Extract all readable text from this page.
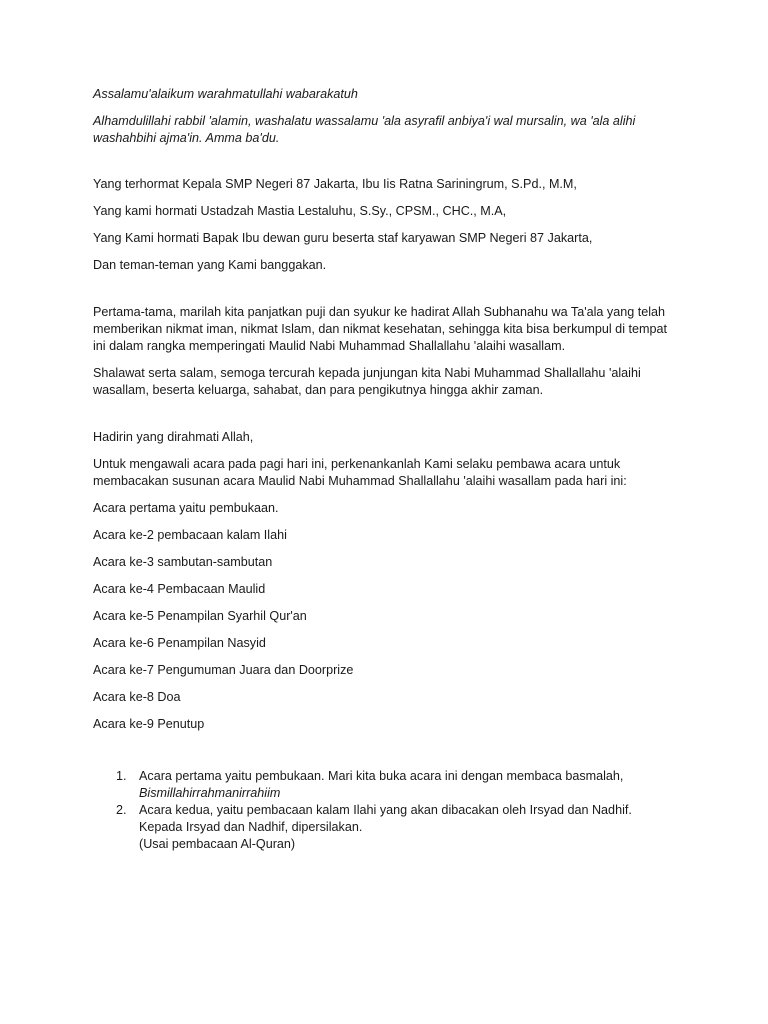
Assalamu'alaikum warahmatullahi wabarakatuh

Alhamdulillahi rabbil 'alamin, washalatu wassalamu 'ala asyrafil anbiya'i wal mursalin, wa 'ala alihi washahbihi ajma'in. Amma ba'du.

Yang terhormat Kepala SMP Negeri 87 Jakarta, Ibu Iis Ratna Sariningrum, S.Pd., M.M,

Yang kami hormati Ustadzah Mastia Lestaluhu, S.Sy., CPSM., CHC., M.A,

Yang Kami hormati Bapak Ibu dewan guru beserta staf karyawan SMP Negeri 87 Jakarta,

Dan teman-teman yang Kami banggakan.

Pertama-tama, marilah kita panjatkan puji dan syukur ke hadirat Allah Subhanahu wa Ta'ala yang telah memberikan nikmat iman, nikmat Islam, dan nikmat kesehatan, sehingga kita bisa berkumpul di tempat ini dalam rangka memperingati Maulid Nabi Muhammad Shallallahu 'alaihi wasallam.

Shalawat serta salam, semoga tercurah kepada junjungan kita Nabi Muhammad Shallallahu 'alaihi wasallam, beserta keluarga, sahabat, dan para pengikutnya hingga akhir zaman.

Hadirin yang dirahmati Allah,

Untuk mengawali acara pada pagi hari ini, perkenankanlah Kami selaku pembawa acara untuk membacakan susunan acara Maulid Nabi Muhammad Shallallahu 'alaihi wasallam pada hari ini:

Acara pertama yaitu pembukaan.

Acara ke-2 pembacaan kalam Ilahi

Acara ke-3 sambutan-sambutan

Acara ke-4 Pembacaan Maulid

Acara ke-5 Penampilan Syarhil Qur'an

Acara ke-6 Penampilan Nasyid

Acara ke-7 Pengumuman Juara dan Doorprize

Acara ke-8 Doa

Acara ke-9 Penutup

1. Acara pertama yaitu pembukaan. Mari kita buka acara ini dengan membaca basmalah,
Bismillahirrahmanirrahiim
2. Acara kedua, yaitu pembacaan kalam Ilahi yang akan dibacakan oleh Irsyad dan Nadhif.
Kepada Irsyad dan Nadhif, dipersilakan.
(Usai pembacaan Al-Quran)
